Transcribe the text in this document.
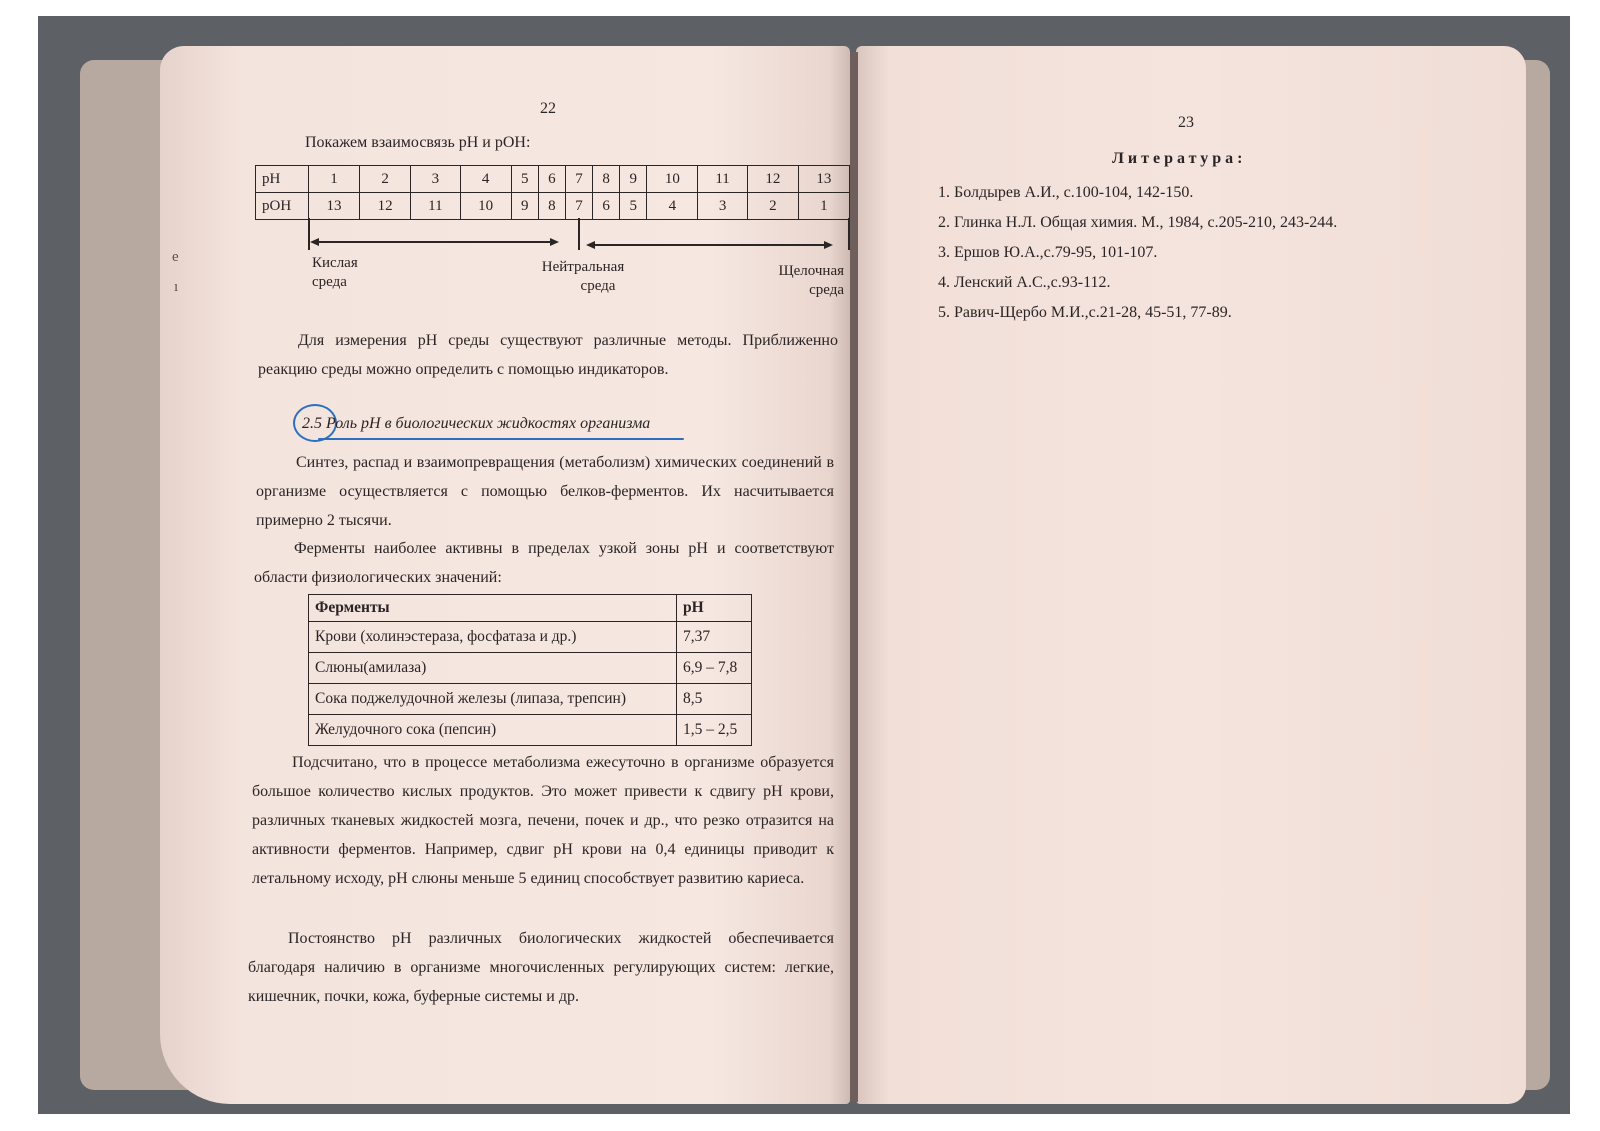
е
ı
22
Покажем взаимосвязь pH и pOH:
pH	1	2	3	4	5	6	7	8	9	10	11	12	13
pOH	13	12	11	10	9	8	7	6	5	4	3	2	1
Кислая
среда
Нейтральная
среда
Щелочная
среда
Для измерения pH среды существуют различные методы. Приближенно реакцию среды можно определить с помощью индикаторов.
2.5 Роль pH в биологических жидкостях организма
Синтез, распад и взаимопревращения (метаболизм) химических соединений в организме осуществляется с помощью белков-ферментов. Их насчитывается примерно 2 тысячи.
Ферменты наиболее активны в пределах узкой зоны pH и соответствуют области физиологических значений:
Ферменты	pH
Крови (холинэстераза, фосфатаза и др.)	7,37
Слюны(амилаза)	6,9 – 7,8
Сока поджелудочной железы (липаза, трепсин)	8,5
Желудочного сока (пепсин)	1,5 – 2,5
Подсчитано, что в процессе метаболизма ежесуточно в организме образуется большое количество кислых продуктов. Это может привести к сдвигу pH крови, различных тканевых жидкостей мозга, печени, почек и др., что резко отразится на активности ферментов. Например, сдвиг pH крови на 0,4 единицы приводит к летальному исходу, pH слюны меньше 5 единиц способствует развитию кариеса.
Постоянство pH различных биологических жидкостей обеспечивается благодаря наличию в организме многочисленных регулирующих систем: легкие, кишечник, почки, кожа, буферные системы и др.
23
Литература:
1. Болдырев А.И., с.100-104, 142-150.
2. Глинка Н.Л. Общая химия. М., 1984, с.205-210, 243-244.
3. Ершов Ю.А.,с.79-95, 101-107.
4. Ленский А.С.,с.93-112.
5. Равич-Щербо М.И.,с.21-28, 45-51, 77-89.
